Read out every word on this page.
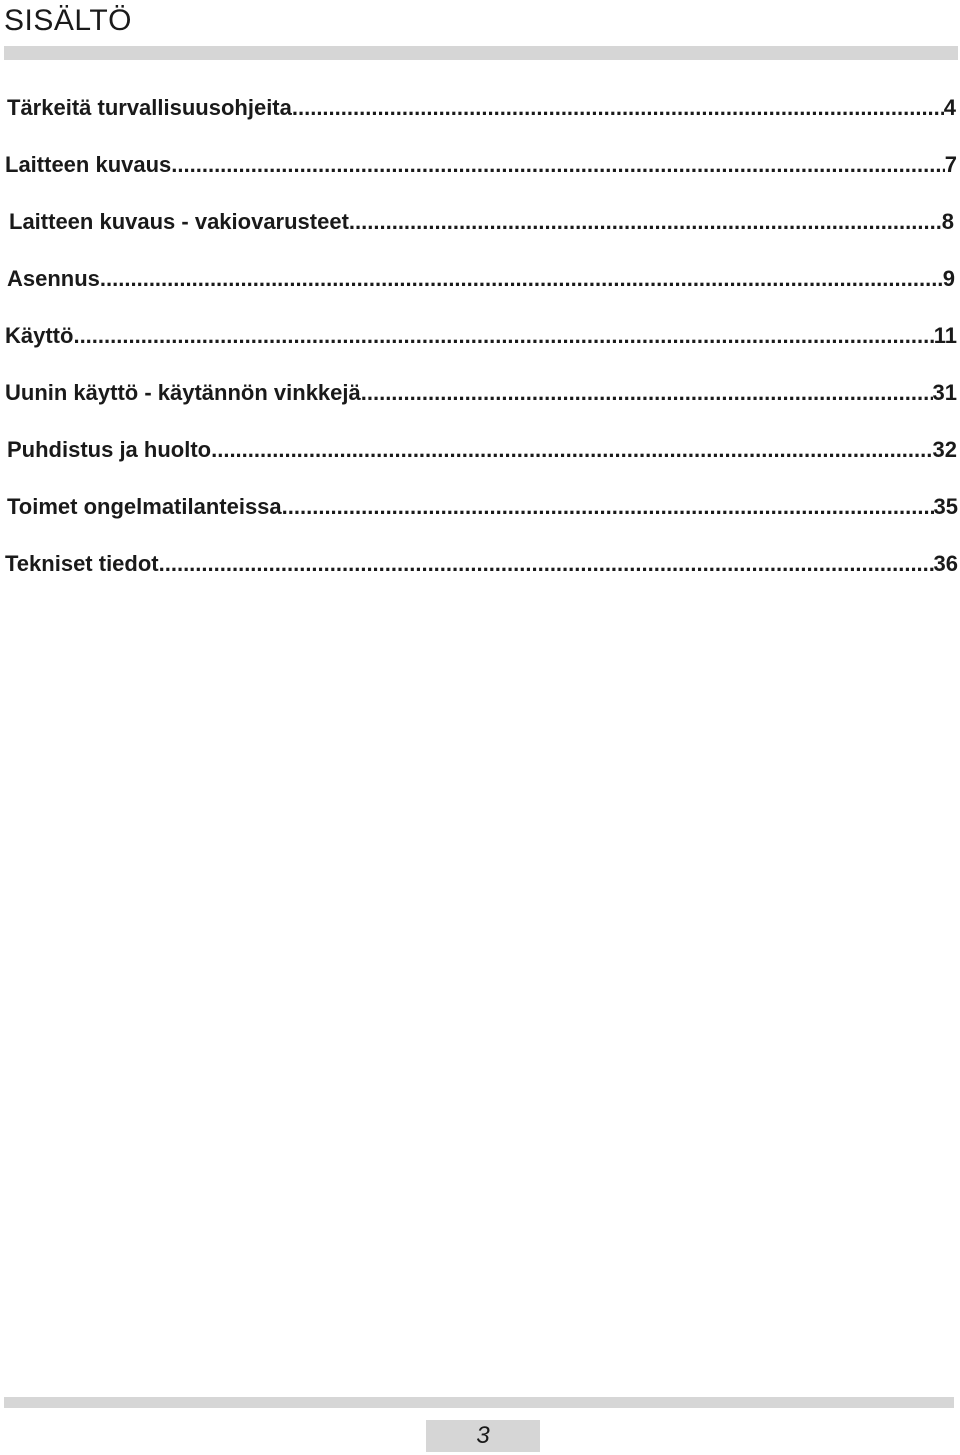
SISÄLTÖ
Tärkeitä turvallisuusohjeita .....	4
Laitteen kuvaus .....	7
Laitteen kuvaus - vakiovarusteet .....	8
Asennus .....	9
Käyttö .....	11
Uunin käyttö - käytännön vinkkejä .....	31
Puhdistus ja huolto .....	32
Toimet ongelmatilanteissa .....	35
Tekniset tiedot .....	36
3
